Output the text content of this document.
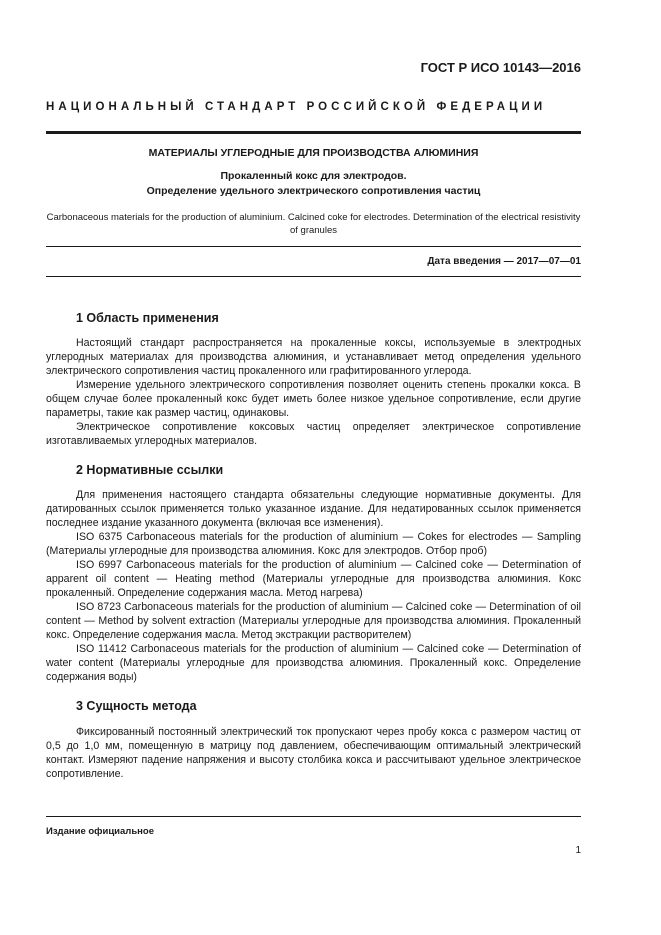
ГОСТ Р ИСО 10143—2016
НАЦИОНАЛЬНЫЙ СТАНДАРТ РОССИЙСКОЙ ФЕДЕРАЦИИ
МАТЕРИАЛЫ УГЛЕРОДНЫЕ ДЛЯ ПРОИЗВОДСТВА АЛЮМИНИЯ
Прокаленный кокс для электродов.
Определение удельного электрического сопротивления частиц
Carbonaceous materials for the production of aluminium. Calcined coke for electrodes. Determination of the electrical resistivity of granules
Дата введения — 2017—07—01
1 Область применения

Настоящий стандарт распространяется на прокаленные коксы, используемые в электродных углеродных материалах для производства алюминия, и устанавливает метод определения удельного электрического сопротивления частиц прокаленного или графитированного углерода.

Измерение удельного электрического сопротивления позволяет оценить степень прокалки кокса. В общем случае более прокаленный кокс будет иметь более низкое удельное сопротивление, если другие параметры, такие как размер частиц, одинаковы.

Электрическое сопротивление коксовых частиц определяет электрическое сопротивление изготавливаемых углеродных материалов.

2 Нормативные ссылки

Для применения настоящего стандарта обязательны следующие нормативные документы. Для датированных ссылок применяется только указанное издание. Для недатированных ссылок применяется последнее издание указанного документа (включая все изменения).

ISO 6375 Carbonaceous materials for the production of aluminium — Cokes for electrodes — Sampling (Материалы углеродные для производства алюминия. Кокс для электродов. Отбор проб)

ISO 6997 Carbonaceous materials for the production of aluminium — Calcined coke — Determination of apparent oil content — Heating method (Материалы углеродные для производства алюминия. Кокс прокаленный. Определение содержания масла. Метод нагрева)

ISO 8723 Carbonaceous materials for the production of aluminium — Calcined coke — Determination of oil content — Method by solvent extraction (Материалы углеродные для производства алюминия. Прокаленный кокс. Определение содержания масла. Метод экстракции растворителем)

ISO 11412 Carbonaceous materials for the production of aluminium — Calcined coke — Determination of water content (Материалы углеродные для производства алюминия. Прокаленный кокс. Определение содержания воды)

3 Сущность метода

Фиксированный постоянный электрический ток пропускают через пробу кокса с размером частиц от 0,5 до 1,0 мм, помещенную в матрицу под давлением, обеспечивающим оптимальный электрический контакт. Измеряют падение напряжения и высоту столбика кокса и рассчитывают удельное электрическое сопротивление.

Издание официальное
1
